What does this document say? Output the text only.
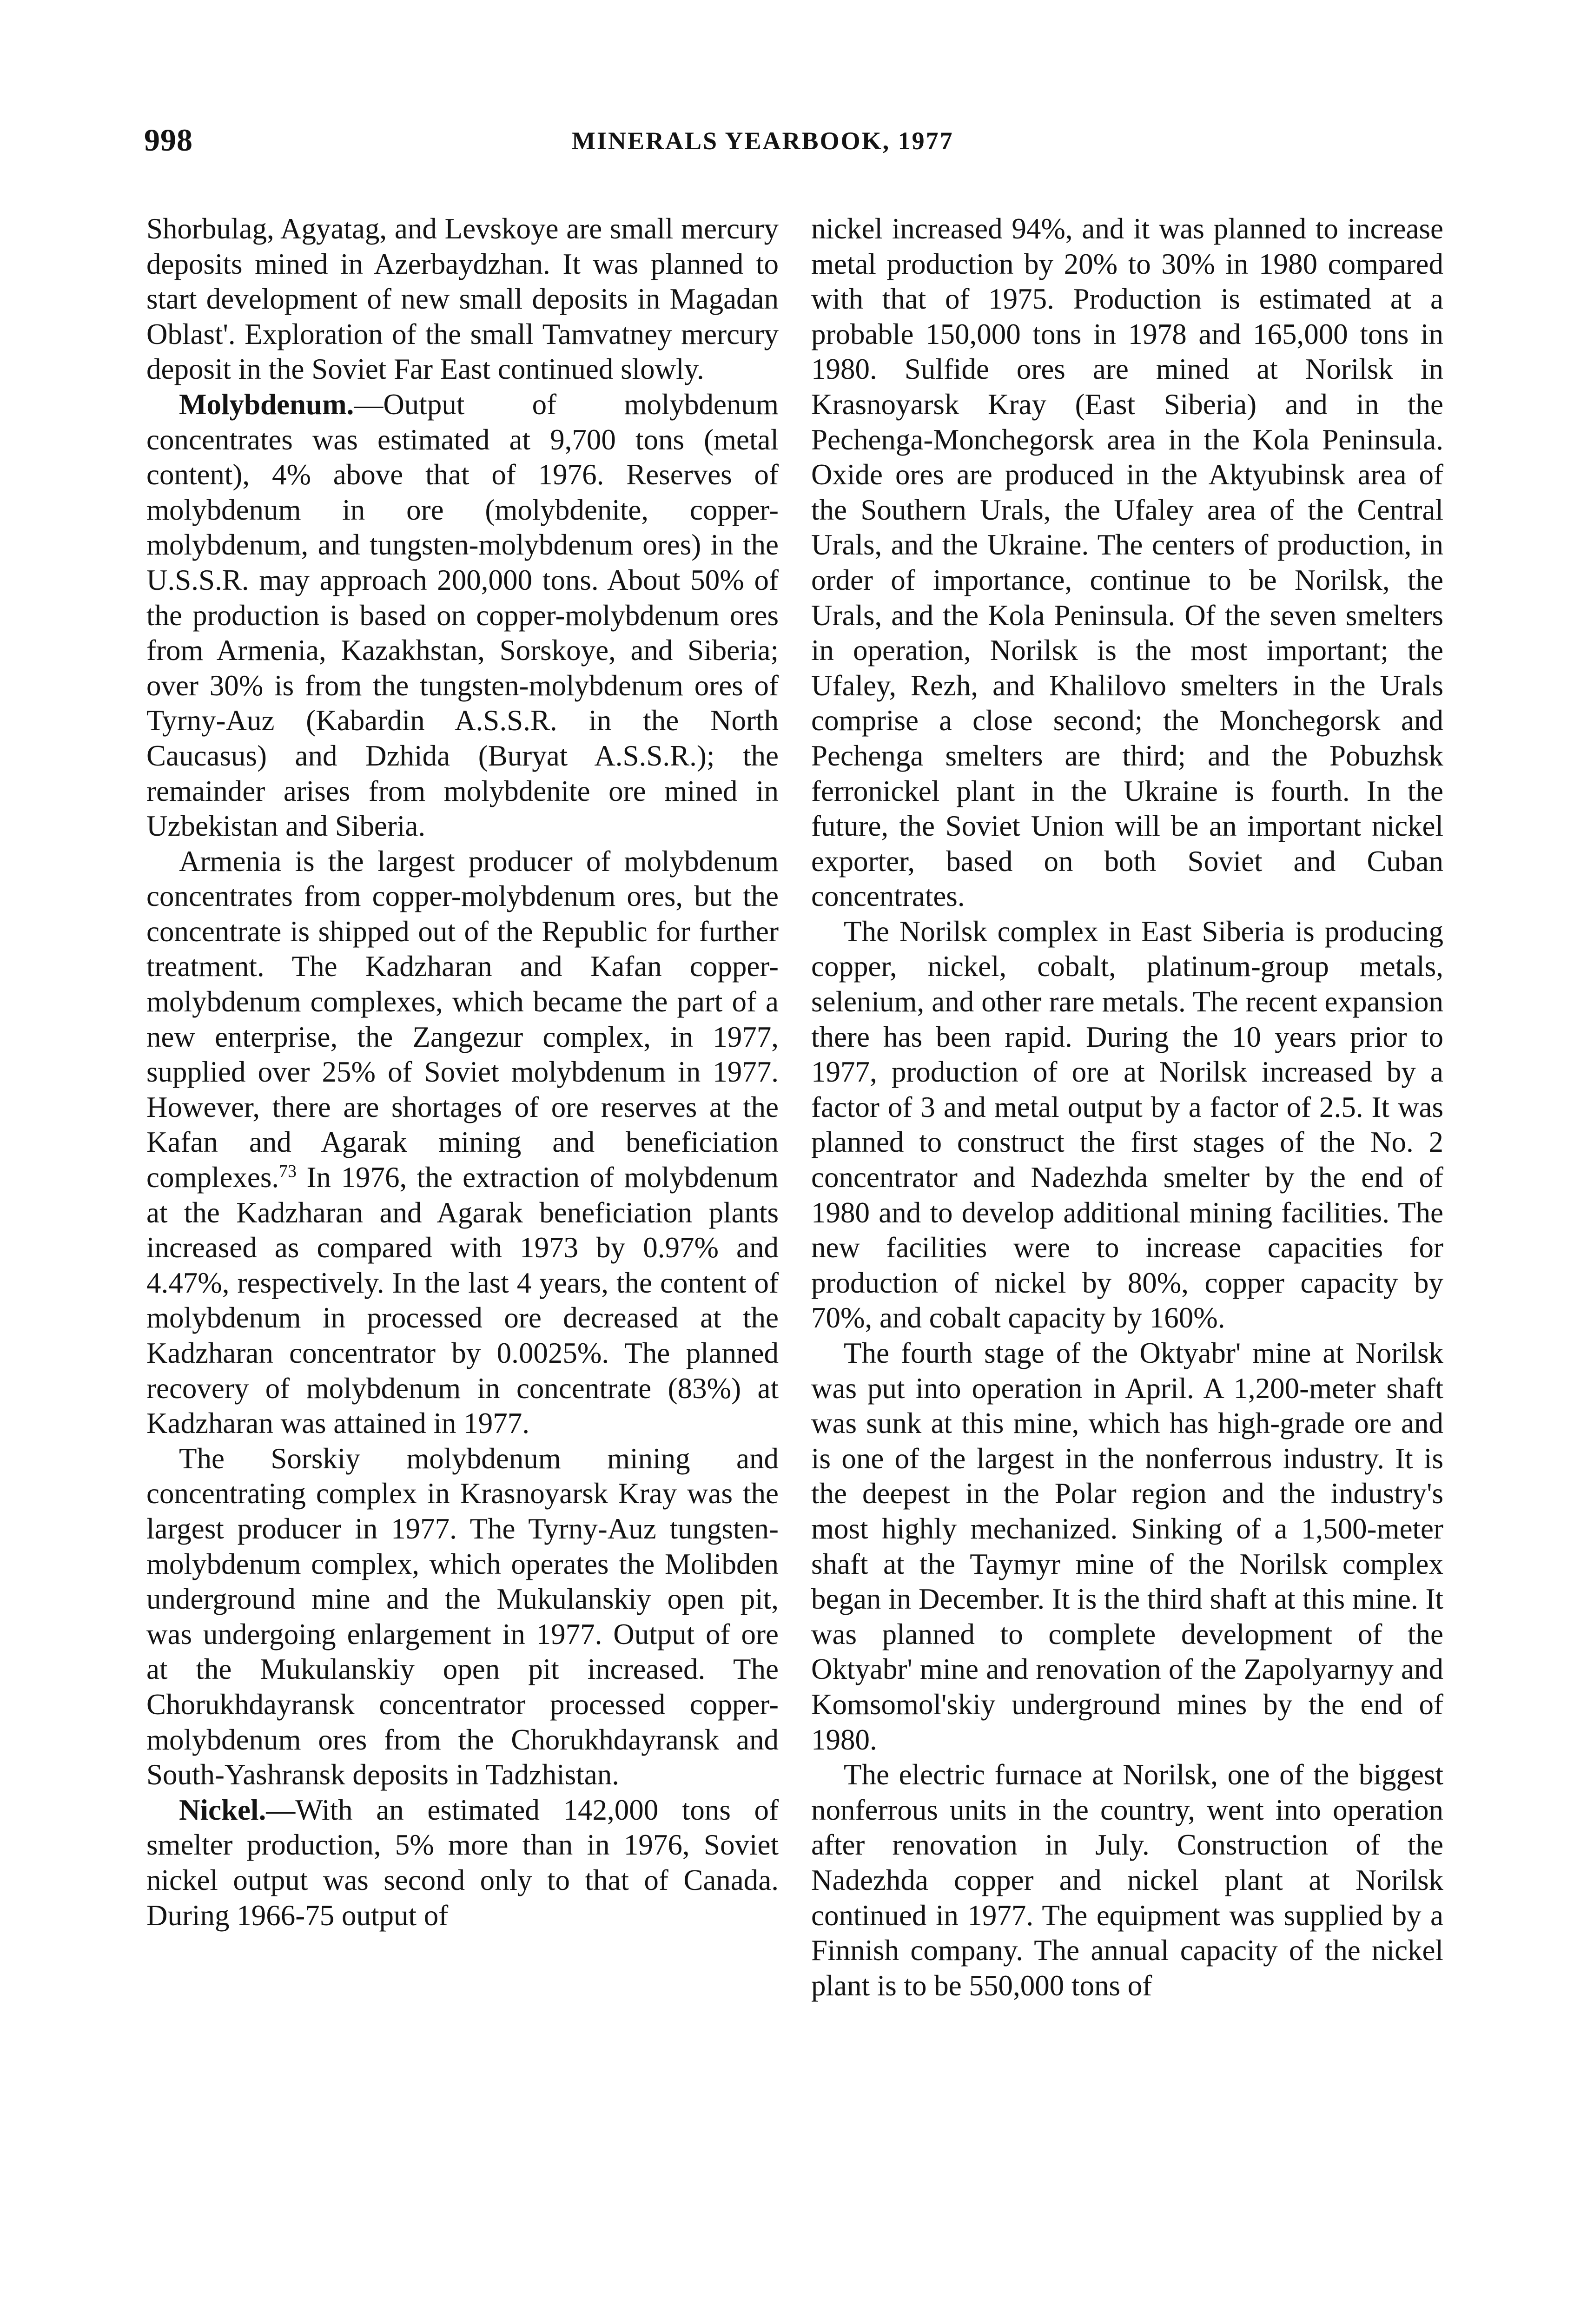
998	MINERALS YEARBOOK, 1977

Shorbulag, Agyatag, and Levskoye are small mercury deposits mined in Azerbaydzhan. It was planned to start development of new small deposits in Magadan Oblast'. Exploration of the small Tamvatney mercury deposit in the Soviet Far East continued slowly.

Molybdenum.—Output of molybdenum concentrates was estimated at 9,700 tons (metal content), 4% above that of 1976. Reserves of molybdenum in ore (molybdenite, copper-molybdenum, and tungsten-molybdenum ores) in the U.S.S.R. may approach 200,000 tons. About 50% of the production is based on copper-molybdenum ores from Armenia, Kazakhstan, Sorskoye, and Siberia; over 30% is from the tungsten-molybdenum ores of Tyrny-Auz (Kabardin A.S.S.R. in the North Caucasus) and Dzhida (Buryat A.S.S.R.); the remainder arises from molybdenite ore mined in Uzbekistan and Siberia.

Armenia is the largest producer of molybdenum concentrates from copper-molybdenum ores, but the concentrate is shipped out of the Republic for further treatment. The Kadzharan and Kafan copper-molybdenum complexes, which became the part of a new enterprise, the Zangezur complex, in 1977, supplied over 25% of Soviet molybdenum in 1977. However, there are shortages of ore reserves at the Kafan and Agarak mining and beneficiation complexes.$^{73}$ In 1976, the extraction of molybdenum at the Kadzharan and Agarak beneficiation plants increased as compared with 1973 by 0.97% and 4.47%, respectively. In the last 4 years, the content of molybdenum in processed ore decreased at the Kadzharan concentrator by 0.0025%. The planned recovery of molybdenum in concentrate (83%) at Kadzharan was attained in 1977.

The Sorskiy molybdenum mining and concentrating complex in Krasnoyarsk Kray was the largest producer in 1977. The Tyrny-Auz tungsten-molybdenum complex, which operates the Molibden underground mine and the Mukulanskiy open pit, was undergoing enlargement in 1977. Output of ore at the Mukulanskiy open pit increased. The Chorukhdayransk concentrator processed copper-molybdenum ores from the Chorukhdayransk and South-Yashransk deposits in Tadzhistan.

Nickel.—With an estimated 142,000 tons of smelter production, 5% more than in 1976, Soviet nickel output was second only to that of Canada. During 1966-75 output of

nickel increased 94%, and it was planned to increase metal production by 20% to 30% in 1980 compared with that of 1975. Production is estimated at a probable 150,000 tons in 1978 and 165,000 tons in 1980. Sulfide ores are mined at Norilsk in Krasnoyarsk Kray (East Siberia) and in the Pechenga-Monchegorsk area in the Kola Peninsula. Oxide ores are produced in the Aktyubinsk area of the Southern Urals, the Ufaley area of the Central Urals, and the Ukraine. The centers of production, in order of importance, continue to be Norilsk, the Urals, and the Kola Peninsula. Of the seven smelters in operation, Norilsk is the most important; the Ufaley, Rezh, and Khalilovo smelters in the Urals comprise a close second; the Monchegorsk and Pechenga smelters are third; and the Pobuzhsk ferronickel plant in the Ukraine is fourth. In the future, the Soviet Union will be an important nickel exporter, based on both Soviet and Cuban concentrates.

The Norilsk complex in East Siberia is producing copper, nickel, cobalt, platinum-group metals, selenium, and other rare metals. The recent expansion there has been rapid. During the 10 years prior to 1977, production of ore at Norilsk increased by a factor of 3 and metal output by a factor of 2.5. It was planned to construct the first stages of the No. 2 concentrator and Nadezhda smelter by the end of 1980 and to develop additional mining facilities. The new facilities were to increase capacities for production of nickel by 80%, copper capacity by 70%, and cobalt capacity by 160%.

The fourth stage of the Oktyabr' mine at Norilsk was put into operation in April. A 1,200-meter shaft was sunk at this mine, which has high-grade ore and is one of the largest in the nonferrous industry. It is the deepest in the Polar region and the industry's most highly mechanized. Sinking of a 1,500-meter shaft at the Taymyr mine of the Norilsk complex began in December. It is the third shaft at this mine. It was planned to complete development of the Oktyabr' mine and renovation of the Zapolyarnyy and Komsomol'skiy underground mines by the end of 1980.

The electric furnace at Norilsk, one of the biggest nonferrous units in the country, went into operation after renovation in July. Construction of the Nadezhda copper and nickel plant at Norilsk continued in 1977. The equipment was supplied by a Finnish company. The annual capacity of the nickel plant is to be 550,000 tons of
